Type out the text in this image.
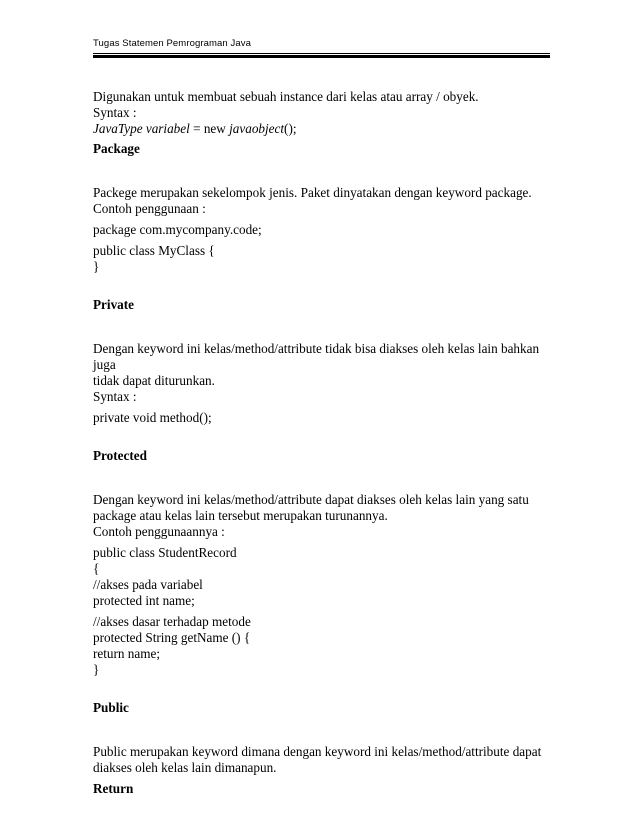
Tugas Statemen Pemrograman Java

Digunakan untuk membuat sebuah instance dari kelas atau array / obyek.

Syntax :

JavaType variabel = new javaobject();

Package

Packege merupakan sekelompok jenis. Paket dinyatakan dengan keyword package.

Contoh penggunaan :

package com.mycompany.code;

public class MyClass {

}

Private

Dengan keyword ini kelas/method/attribute tidak bisa diakses oleh kelas lain bahkan juga

tidak dapat diturunkan.

Syntax :

private void method();

Protected

Dengan keyword ini kelas/method/attribute dapat diakses oleh kelas lain yang satu

package atau kelas lain tersebut merupakan turunannya.

Contoh penggunaannya :

public class StudentRecord

{

//akses pada variabel

protected int name;

//akses dasar terhadap metode

protected String getName () {

return name;

}

Public

Public merupakan keyword dimana dengan keyword ini kelas/method/attribute dapat

diakses oleh kelas lain dimanapun.

Return
